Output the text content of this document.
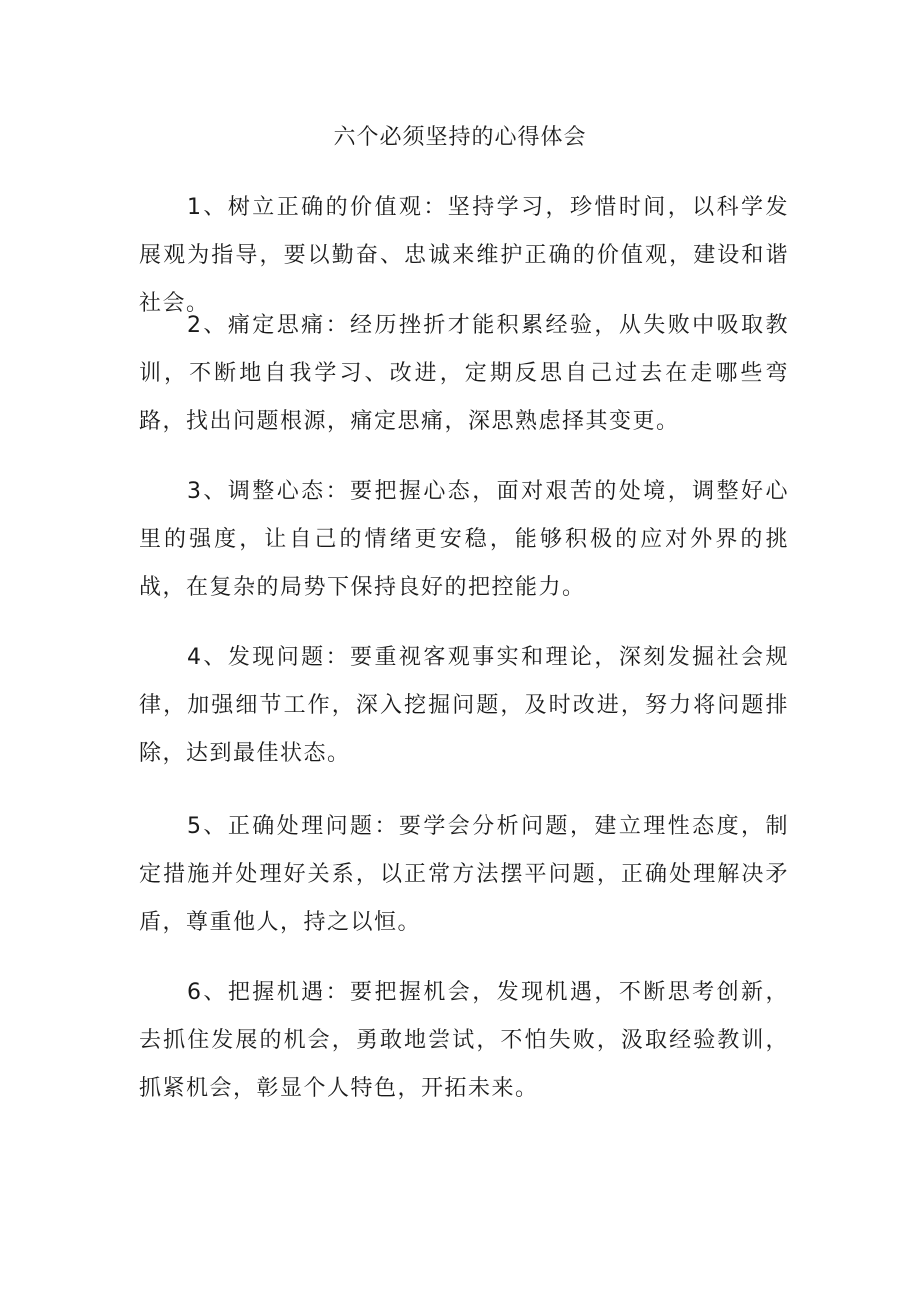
六个必须坚持的心得体会

1、树立正确的价值观：坚持学习，珍惜时间，以科学发展观为指导，要以勤奋、忠诚来维护正确的价值观，建设和谐社会。

2、痛定思痛：经历挫折才能积累经验，从失败中吸取教训，不断地自我学习、改进，定期反思自己过去在走哪些弯路，找出问题根源，痛定思痛，深思熟虑择其变更。

3、调整心态：要把握心态，面对艰苦的处境，调整好心里的强度，让自己的情绪更安稳，能够积极的应对外界的挑战，在复杂的局势下保持良好的把控能力。

4、发现问题：要重视客观事实和理论，深刻发掘社会规律，加强细节工作，深入挖掘问题，及时改进，努力将问题排除，达到最佳状态。

5、正确处理问题：要学会分析问题，建立理性态度，制定措施并处理好关系，以正常方法摆平问题，正确处理解决矛盾，尊重他人，持之以恒。

6、把握机遇：要把握机会，发现机遇，不断思考创新，去抓住发展的机会，勇敢地尝试，不怕失败，汲取经验教训，抓紧机会，彰显个人特色，开拓未来。
